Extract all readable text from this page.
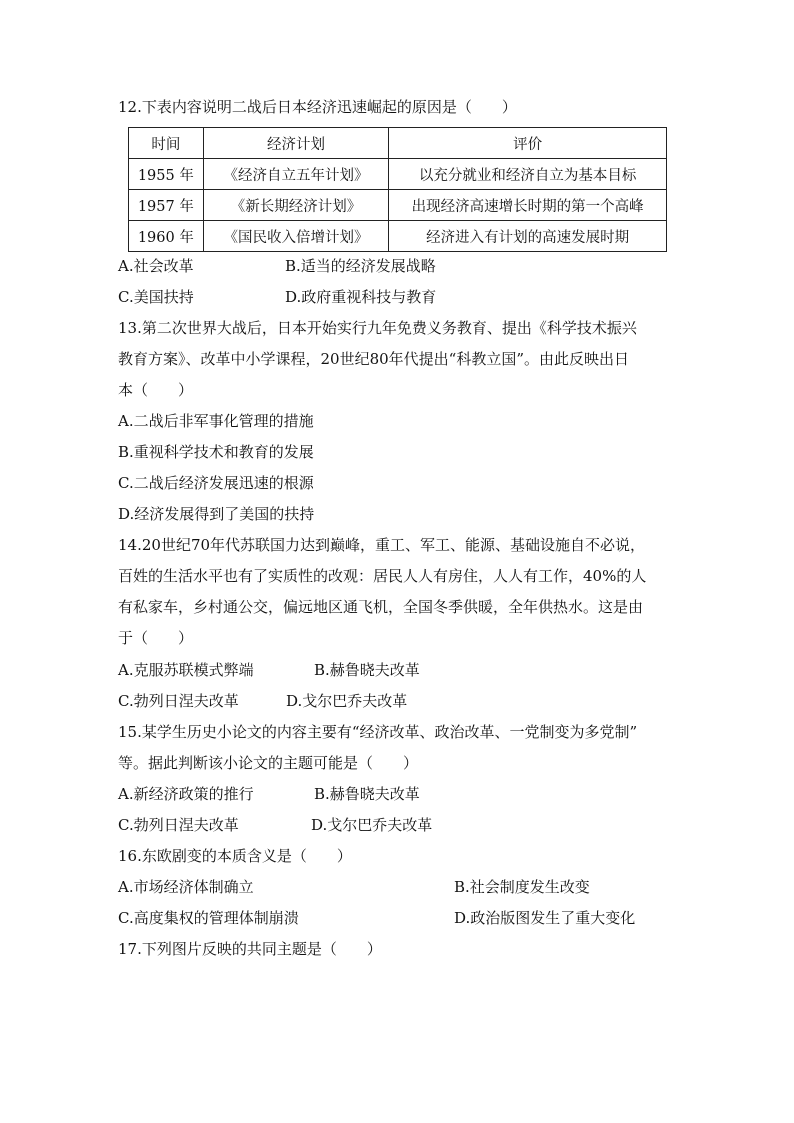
12.下表内容说明二战后日本经济迅速崛起的原因是（　　）
时间	经济计划	评价
1955 年	《经济自立五年计划》	以充分就业和经济自立为基本目标
1957 年	《新长期经济计划》	出现经济高速增长时期的第一个高峰
1960 年	《国民收入倍增计划》	经济进入有计划的高速发展时期
A.社会改革	B.适当的经济发展战略
C.美国扶持	D.政府重视科技与教育
13.第二次世界大战后，日本开始实行九年免费义务教育、提出《科学技术振兴
教育方案》、改革中小学课程，20世纪80年代提出“科教立国”。由此反映出日
本（　　）
A.二战后非军事化管理的措施
B.重视科学技术和教育的发展
C.二战后经济发展迅速的根源
D.经济发展得到了美国的扶持
14.20世纪70年代苏联国力达到巅峰，重工、军工、能源、基础设施自不必说，
百姓的生活水平也有了实质性的改观：居民人人有房住，人人有工作，40%的人
有私家车，乡村通公交，偏远地区通飞机，全国冬季供暖，全年供热水。这是由
于（　　）
A.克服苏联模式弊端	B.赫鲁晓夫改革
C.勃列日涅夫改革	D.戈尔巴乔夫改革
15.某学生历史小论文的内容主要有“经济改革、政治改革、一党制变为多党制”
等。据此判断该小论文的主题可能是（　　）
A.新经济政策的推行	B.赫鲁晓夫改革
C.勃列日涅夫改革	D.戈尔巴乔夫改革
16.东欧剧变的本质含义是（　　）
A.市场经济体制确立	B.社会制度发生改变
C.高度集权的管理体制崩溃	D.政治版图发生了重大变化
17.下列图片反映的共同主题是（　　）
